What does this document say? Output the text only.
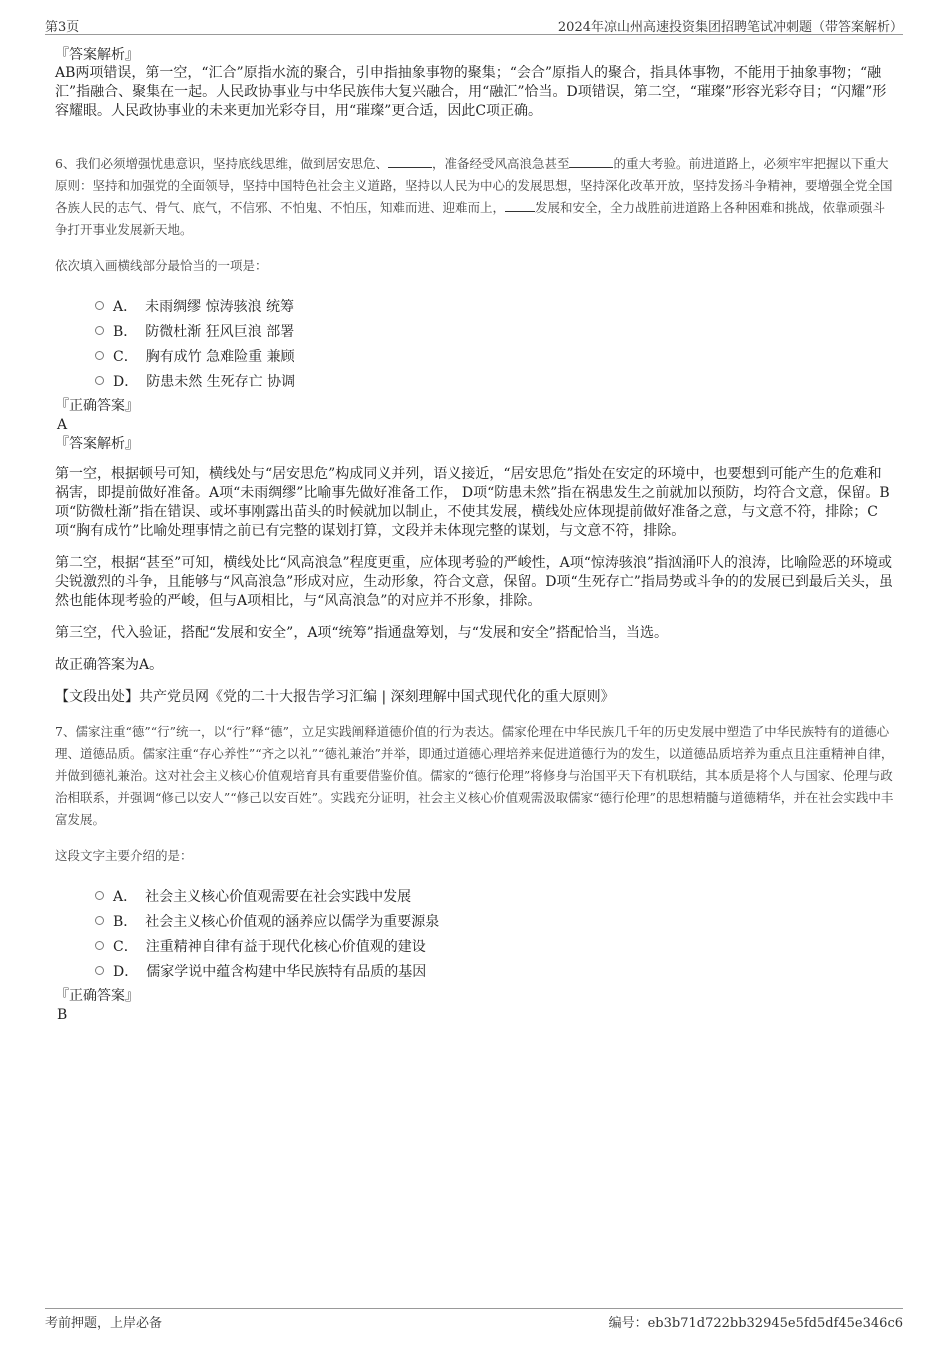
第3页	2024年凉山州高速投资集团招聘笔试冲刺题（带答案解析）
『答案解析』

AB两项错误，第一空，“汇合”原指水流的聚合，引申指抽象事物的聚集；“会合”原指人的聚合，指具体事物，不能用于抽象事物；“融汇”指融合、聚集在一起。人民政协事业与中华民族伟大复兴融合，用“融汇”恰当。D项错误，第二空，“璀璨”形容光彩夺目；“闪耀”形容耀眼。人民政协事业的未来更加光彩夺目，用“璀璨”更合适，因此C项正确。

6、我们必须增强忧患意识，坚持底线思维，做到居安思危、	，准备经受风高浪急甚至	的重大考验。前进道路上，必须牢牢把握以下重大原则：坚持和加强党的全面领导，坚持中国特色社会主义道路，坚持以人民为中心的发展思想，坚持深化改革开放，坚持发扬斗争精神，要增强全党全国各族人民的志气、骨气、底气，不信邪、不怕鬼、不怕压，知难而进、迎难而上， 发展和安全，全力战胜前进道路上各种困难和挑战，依靠顽强斗争打开事业发展新天地。

依次填入画横线部分最恰当的一项是：

A． 未雨绸缪 惊涛骇浪 统筹
B． 防微杜渐 狂风巨浪 部署
C． 胸有成竹 急难险重 兼顾
D． 防患未然 生死存亡 协调
『正确答案』
A
『答案解析』

第一空，根据顿号可知，横线处与“居安思危”构成同义并列，语义接近，“居安思危”指处在安定的环境中，也要想到可能产生的危难和祸害，即提前做好准备。A项“未雨绸缪”比喻事先做好准备工作， D项“防患未然”指在祸患发生之前就加以预防，均符合文意，保留。B项“防微杜渐”指在错误、或坏事刚露出苗头的时候就加以制止，不使其发展，横线处应体现提前做好准备之意，与文意不符，排除；C项“胸有成竹”比喻处理事情之前已有完整的谋划打算，文段并未体现完整的谋划，与文意不符，排除。

第二空，根据“甚至”可知，横线处比“风高浪急”程度更重，应体现考验的严峻性，A项“惊涛骇浪”指汹涌吓人的浪涛，比喻险恶的环境或尖锐激烈的斗争，且能够与“风高浪急”形成对应，生动形象，符合文意，保留。D项“生死存亡”指局势或斗争的的发展已到最后关头，虽然也能体现考验的严峻，但与A项相比，与“风高浪急”的对应并不形象，排除。

第三空，代入验证，搭配“发展和安全”，A项“统筹”指通盘筹划，与“发展和安全”搭配恰当，当选。

故正确答案为A。

【文段出处】共产党员网《党的二十大报告学习汇编 | 深刻理解中国式现代化的重大原则》

7、儒家注重“德”“行”统一，以“行”释“德”，立足实践阐释道德价值的行为表达。儒家伦理在中华民族几千年的历史发展中塑造了中华民族特有的道德心理、道德品质。儒家注重“存心养性”“齐之以礼”“德礼兼治”并举，即通过道德心理培养来促进道德行为的发生，以道德品质培养为重点且注重精神自律，并做到德礼兼治。这对社会主义核心价值观培育具有重要借鉴价值。儒家的“德行伦理”将修身与治国平天下有机联结，其本质是将个人与国家、伦理与政治相联系，并强调“修己以安人”“修己以安百姓”。实践充分证明，社会主义核心价值观需汲取儒家“德行伦理”的思想精髓与道德精华，并在社会实践中丰富发展。

这段文字主要介绍的是：

A． 社会主义核心价值观需要在社会实践中发展
B． 社会主义核心价值观的涵养应以儒学为重要源泉
C． 注重精神自律有益于现代化核心价值观的建设
D． 儒家学说中蕴含构建中华民族特有品质的基因
『正确答案』
B
考前押题，上岸必备	编号：eb3b71d722bb32945e5fd5df45e346c6
